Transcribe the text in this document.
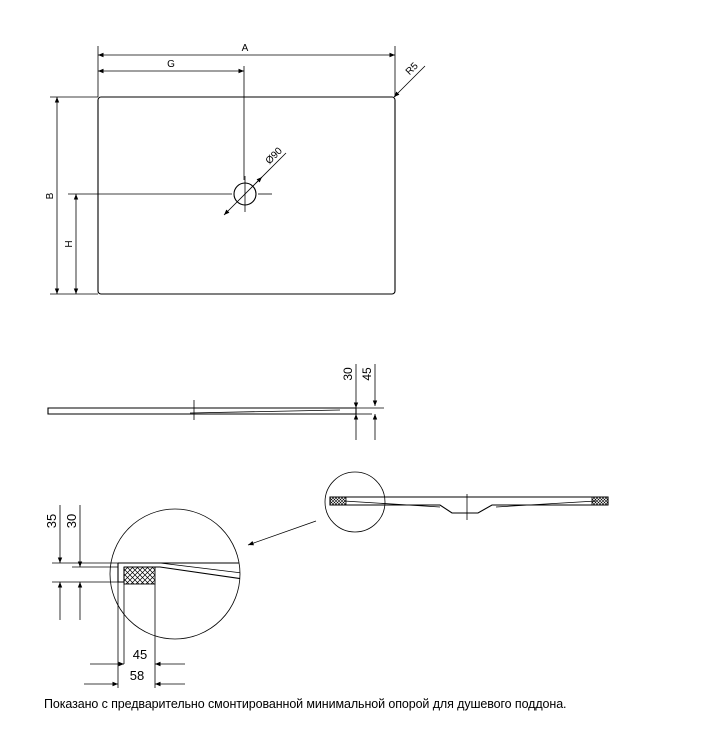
A
G	R5
B
H
Ø90
30 45
35 30
45
58
Показано с предварительно смонтированной минимальной опорой для душевого поддона.
